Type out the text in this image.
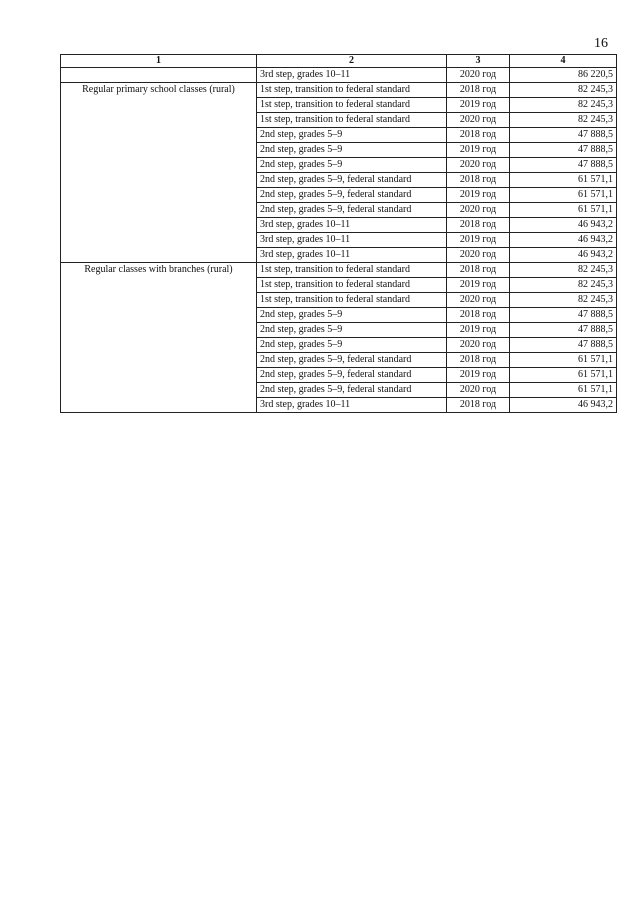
16
1	2	3	4
	3rd step, grades 10–11	2020 год	86 220,5
Regular primary school classes (rural)	1st step, transition to federal standard	2018 год	82 245,3
	1st step, transition to federal standard	2019 год	82 245,3
	1st step, transition to federal standard	2020 год	82 245,3
	2nd step, grades 5–9	2018 год	47 888,5
	2nd step, grades 5–9	2019 год	47 888,5
	2nd step, grades 5–9	2020 год	47 888,5
	2nd step, grades 5–9, federal standard	2018 год	61 571,1
	2nd step, grades 5–9, federal standard	2019 год	61 571,1
	2nd step, grades 5–9, federal standard	2020 год	61 571,1
	3rd step, grades 10–11	2018 год	46 943,2
	3rd step, grades 10–11	2019 год	46 943,2
	3rd step, grades 10–11	2020 год	46 943,2
Regular classes with branches (rural)	1st step, transition to federal standard	2018 год	82 245,3
	1st step, transition to federal standard	2019 год	82 245,3
	1st step, transition to federal standard	2020 год	82 245,3
	2nd step, grades 5–9	2018 год	47 888,5
	2nd step, grades 5–9	2019 год	47 888,5
	2nd step, grades 5–9	2020 год	47 888,5
	2nd step, grades 5–9, federal standard	2018 год	61 571,1
	2nd step, grades 5–9, federal standard	2019 год	61 571,1
	2nd step, grades 5–9, federal standard	2020 год	61 571,1
	3rd step, grades 10–11	2018 год	46 943,2
